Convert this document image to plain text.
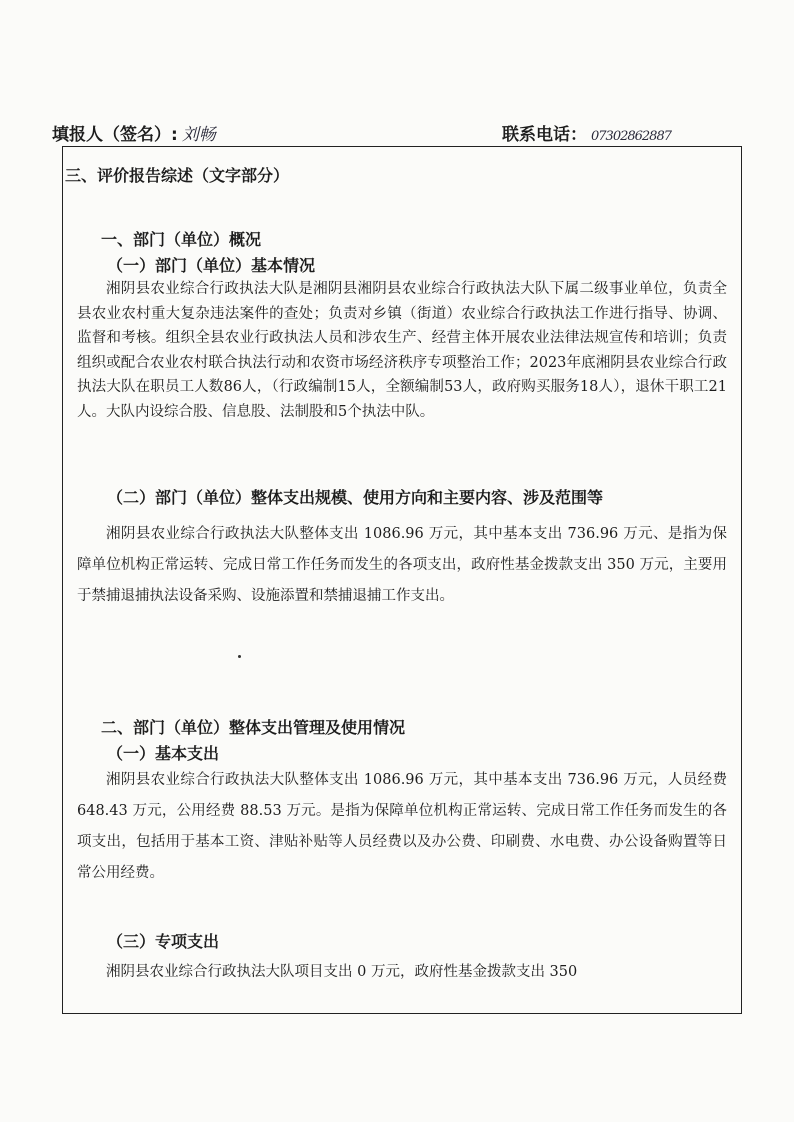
填报人（签名）: 刘畅	联系电话： 07302862887
三、评价报告综述（文字部分）
一、部门（单位）概况
（一）部门（单位）基本情况

湘阴县农业综合行政执法大队是湘阴县湘阴县农业综合行政执法大队下属二级事业单位，负责全县农业农村重大复杂违法案件的查处；负责对乡镇（街道）农业综合行政执法工作进行指导、协调、监督和考核。组织全县农业行政执法人员和涉农生产、经营主体开展农业法律法规宣传和培训；负责组织或配合农业农村联合执法行动和农资市场经济秩序专项整治工作；2023年底湘阴县农业综合行政执法大队在职员工人数86人，（行政编制15人，全额编制53人，政府购买服务18人），退休干职工21人。大队内设综合股、信息股、法制股和5个执法中队。

（二）部门（单位）整体支出规模、使用方向和主要内容、涉及范围等

湘阴县农业综合行政执法大队整体支出 1086.96 万元，其中基本支出 736.96 万元、是指为保障单位机构正常运转、完成日常工作任务而发生的各项支出，政府性基金拨款支出 350 万元，主要用于禁捕退捕执法设备采购、设施添置和禁捕退捕工作支出。

二、部门（单位）整体支出管理及使用情况
（一）基本支出

湘阴县农业综合行政执法大队整体支出 1086.96 万元，其中基本支出 736.96 万元，人员经费 648.43 万元，公用经费 88.53 万元。是指为保障单位机构正常运转、完成日常工作任务而发生的各项支出，包括用于基本工资、津贴补贴等人员经费以及办公费、印刷费、水电费、办公设备购置等日常公用经费。

（三）专项支出

湘阴县农业综合行政执法大队项目支出 0 万元，政府性基金拨款支出 350
